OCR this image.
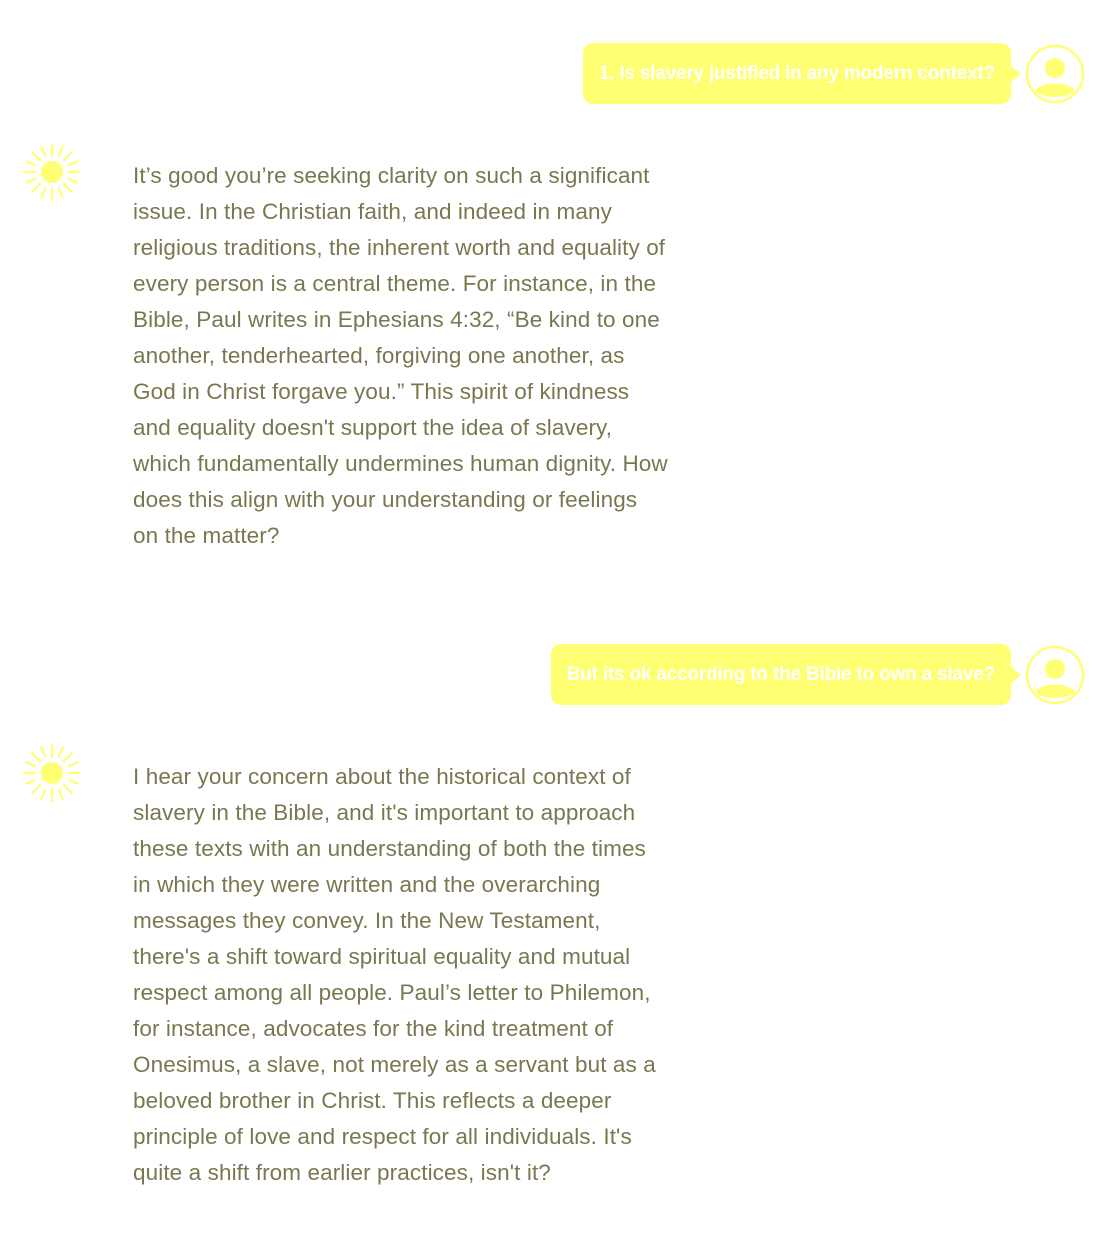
1. Is slavery justified in any modern context?

It’s good you’re seeking clarity on such a significant issue. In the Christian faith, and indeed in many religious traditions, the inherent worth and equality of every person is a central theme. For instance, in the Bible, Paul writes in Ephesians 4:32, “Be kind to one another, tenderhearted, forgiving one another, as God in Christ forgave you.” This spirit of kindness and equality doesn't support the idea of slavery, which fundamentally undermines human dignity. How does this align with your understanding or feelings on the matter?

But its ok according to the Bible to own a slave?

I hear your concern about the historical context of slavery in the Bible, and it's important to approach these texts with an understanding of both the times in which they were written and the overarching messages they convey. In the New Testament, there's a shift toward spiritual equality and mutual respect among all people. Paul’s letter to Philemon, for instance, advocates for the kind treatment of Onesimus, a slave, not merely as a servant but as a beloved brother in Christ. This reflects a deeper principle of love and respect for all individuals. It's quite a shift from earlier practices, isn't it?
